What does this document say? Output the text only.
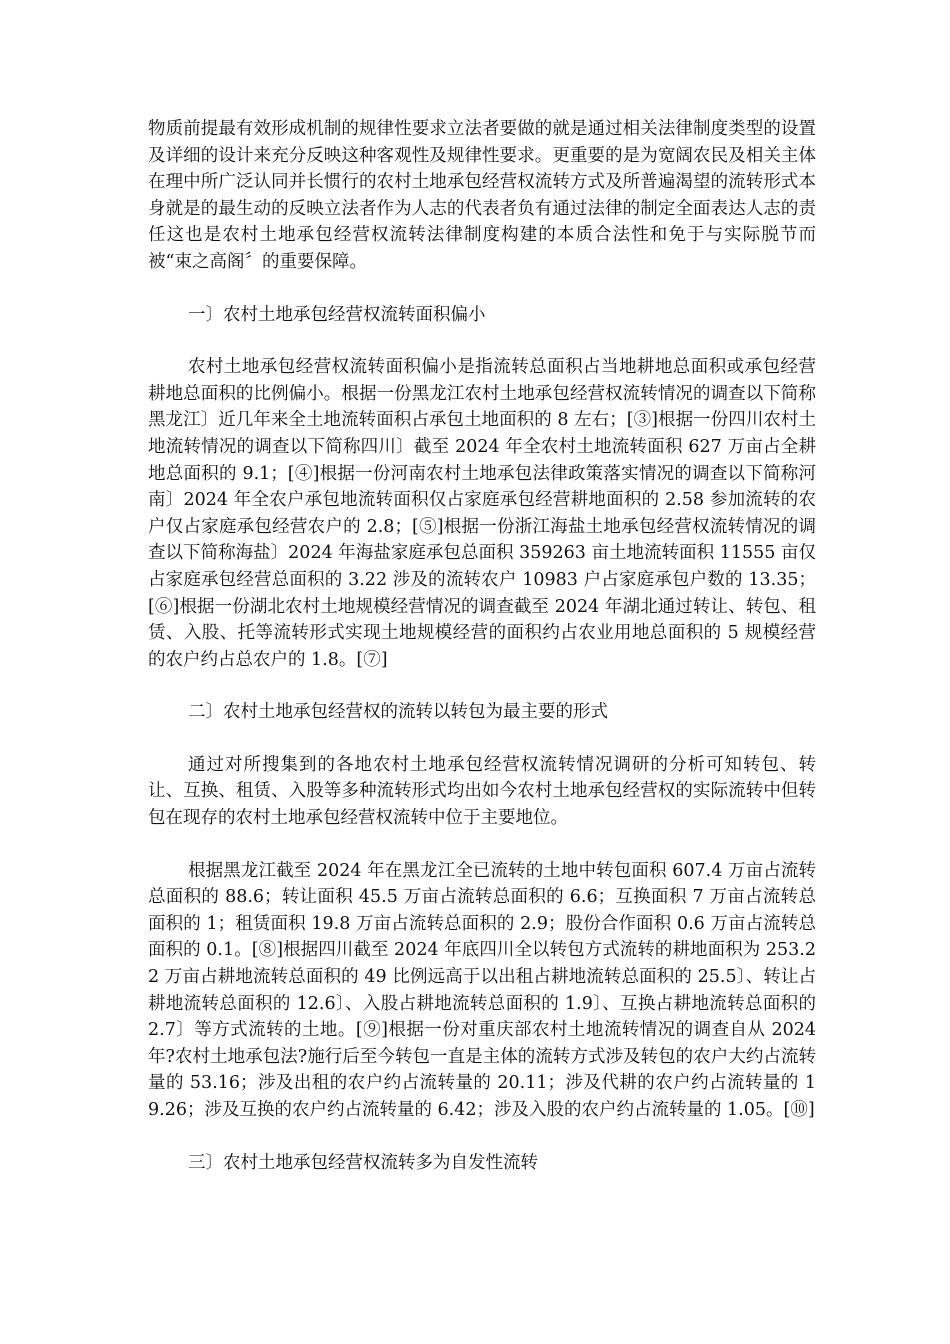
物质前提最有效形成机制的规律性要求立法者要做的就是通过相关法律制度类型的设置及详细的设计来充分反映这种客观性及规律性要求。更重要的是为宽阔农民及相关主体在理中所广泛认同并长惯行的农村土地承包经营权流转方式及所普遍渴望的流转形式本身就是的最生动的反映立法者作为人志的代表者负有通过法律的制定全面表达人志的责任这也是农村土地承包经营权流转法律制度构建的本质合法性和免于与实际脱节而被“束之高阁〞的重要保障。

一〕农村土地承包经营权流转面积偏小

农村土地承包经营权流转面积偏小是指流转总面积占当地耕地总面积或承包经营耕地总面积的比例偏小。根据一份黑龙江农村土地承包经营权流转情况的调查以下简称黑龙江〕近几年来全土地流转面积占承包土地面积的 8 左右；[③]根据一份四川农村土地流转情况的调查以下简称四川〕截至 2024 年全农村土地流转面积 627 万亩占全耕地总面积的 9.1；[④]根据一份河南农村土地承包法律政策落实情况的调查以下简称河南〕2024 年全农户承包地流转面积仅占家庭承包经营耕地面积的 2.58 参加流转的农户仅占家庭承包经营农户的 2.8；[⑤]根据一份浙江海盐土地承包经营权流转情况的调查以下简称海盐〕2024 年海盐家庭承包总面积 359263 亩土地流转面积 11555 亩仅占家庭承包经营总面积的 3.22 涉及的流转农户 10983 户占家庭承包户数的 13.35；[⑥]根据一份湖北农村土地规模经营情况的调查截至 2024 年湖北通过转让、转包、租赁、入股、托等流转形式实现土地规模经营的面积约占农业用地总面积的 5 规模经营的农户约占总农户的 1.8。[⑦]

二〕农村土地承包经营权的流转以转包为最主要的形式

通过对所搜集到的各地农村土地承包经营权流转情况调研的分析可知转包、转让、互换、租赁、入股等多种流转形式均出如今农村土地承包经营权的实际流转中但转包在现存的农村土地承包经营权流转中位于主要地位。

根据黑龙江截至 2024 年在黑龙江全已流转的土地中转包面积 607.4 万亩占流转总面积的 88.6；转让面积 45.5 万亩占流转总面积的 6.6；互换面积 7 万亩占流转总面积的 1；租赁面积 19.8 万亩占流转总面积的 2.9；股份合作面积 0.6 万亩占流转总面积的 0.1。[⑧]根据四川截至 2024 年底四川全以转包方式流转的耕地面积为 253.22 万亩占耕地流转总面积的 49 比例远高于以出租占耕地流转总面积的 25.5〕、转让占耕地流转总面积的 12.6〕、入股占耕地流转总面积的 1.9〕、互换占耕地流转总面积的 2.7〕等方式流转的土地。[⑨]根据一份对重庆部农村土地流转情况的调查自从 2024 年?农村土地承包法?施行后至今转包一直是主体的流转方式涉及转包的农户大约占流转量的 53.16；涉及出租的农户约占流转量的 20.11；涉及代耕的农户约占流转量的 19.26；涉及互换的农户约占流转量的 6.42；涉及入股的农户约占流转量的 1.05。[⑩]

三〕农村土地承包经营权流转多为自发性流转
